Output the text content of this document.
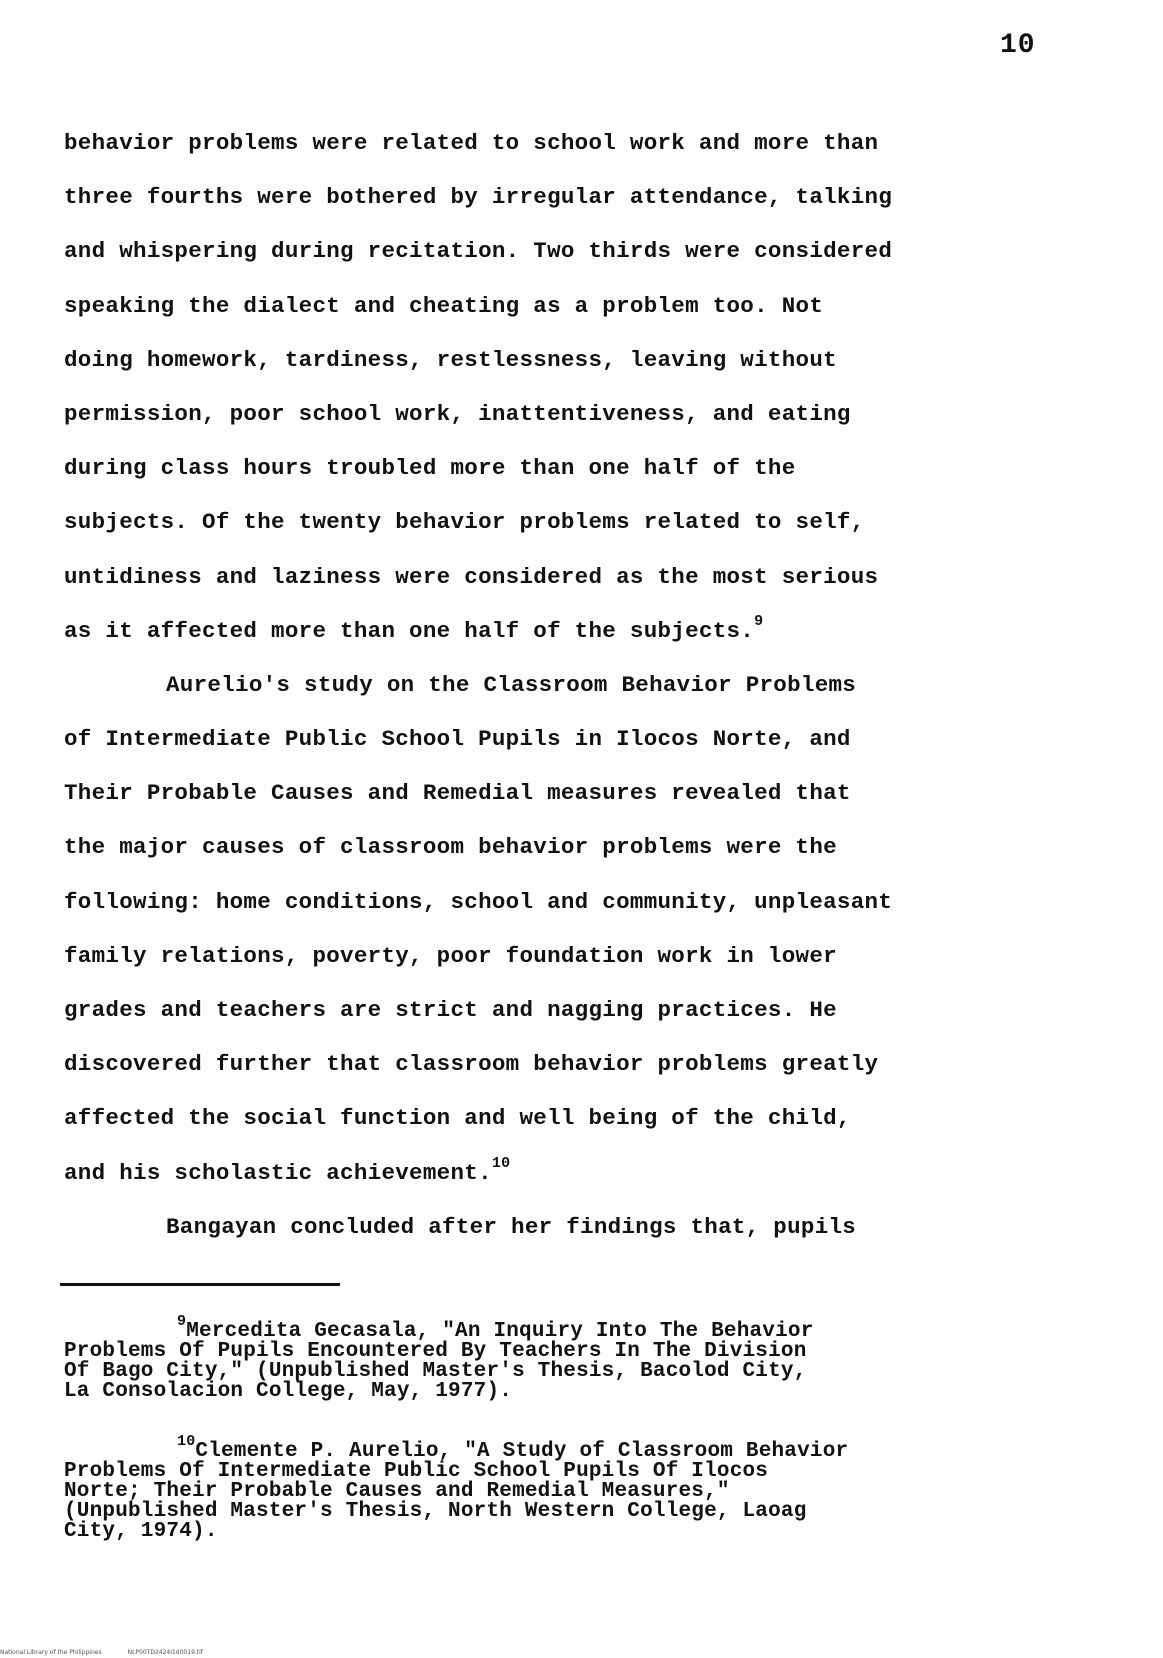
10
behavior problems were related to school work and more than
three fourths were bothered by irregular attendance, talking
and whispering during recitation. Two thirds were considered
speaking the dialect and cheating as a problem too. Not
doing homework, tardiness, restlessness, leaving without
permission, poor school work, inattentiveness, and eating
during class hours troubled more than one half of the
subjects. Of the twenty behavior problems related to self,
untidiness and laziness were considered as the most serious
as it affected more than one half of the subjects.$^9$
Aurelio's study on the Classroom Behavior Problems
of Intermediate Public School Pupils in Ilocos Norte, and
Their Probable Causes and Remedial measures revealed that
the major causes of classroom behavior problems were the
following: home conditions, school and community, unpleasant
family relations, poverty, poor foundation work in lower
grades and teachers are strict and nagging practices. He
discovered further that classroom behavior problems greatly
affected the social function and well being of the child,
and his scholastic achievement.$^{10}$
Bangayan concluded after her findings that, pupils
$^9$Mercedita Gecasala, "An Inquiry Into The Behavior
Problems Of Pupils Encountered By Teachers In The Division
Of Bago City," (Unpublished Master's Thesis, Bacolod City,
La Consolacion College, May, 1977).
$^{10}$Clemente P. Aurelio, "A Study of Classroom Behavior
Problems Of Intermediate Public School Pupils Of Ilocos
Norte; Their Probable Causes and Remedial Measures,"
(Unpublished Master's Thesis, North Western College, Laoag
City, 1974).
National Library of the Philippines	NLP00TD2424I1d0019.tif
